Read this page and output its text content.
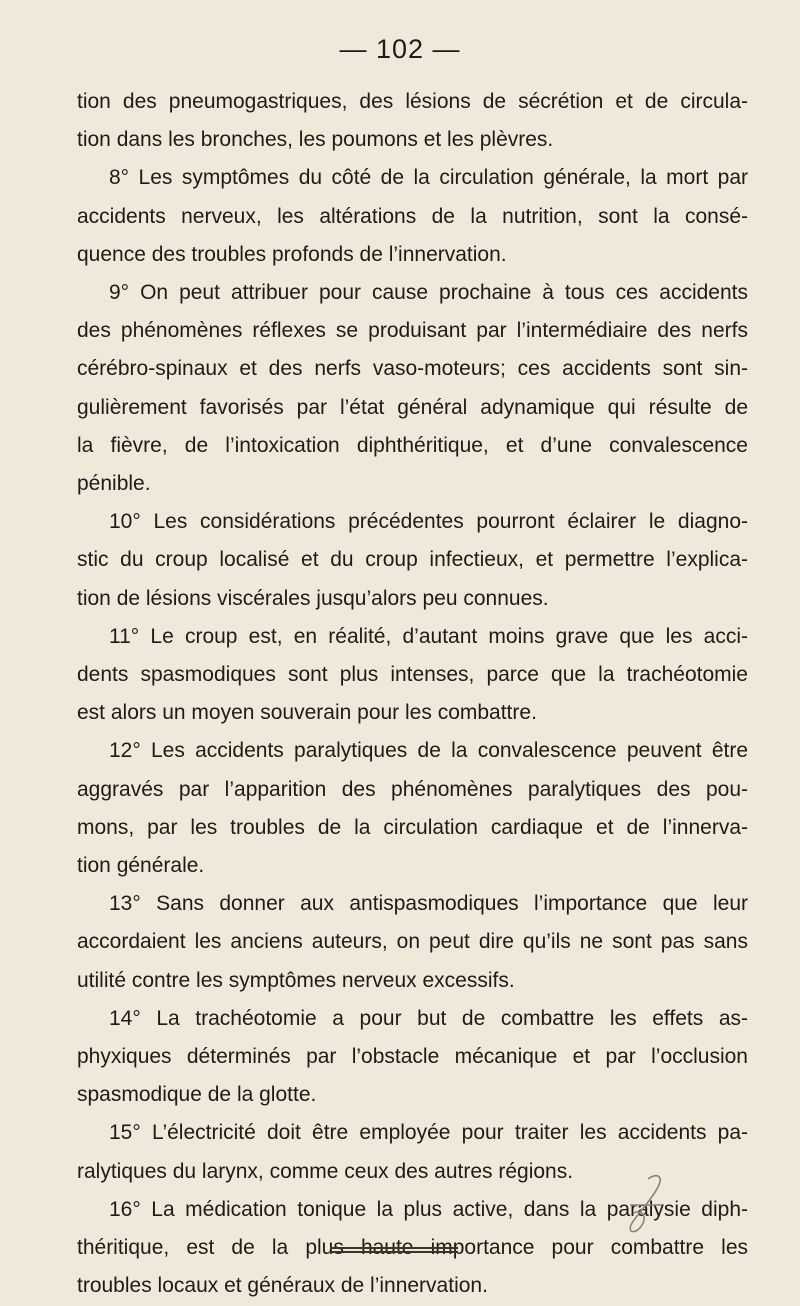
— 102 —
tion des pneumogastriques, des lésions de sécrétion et de circula-
tion dans les bronches, les poumons et les plèvres.
8° Les symptômes du côté de la circulation générale, la mort par
accidents nerveux, les altérations de la nutrition, sont la consé-
quence des troubles profonds de l’innervation.
9° On peut attribuer pour cause prochaine à tous ces accidents
des phénomènes réflexes se produisant par l’intermédiaire des nerfs
cérébro-spinaux et des nerfs vaso-moteurs; ces accidents sont sin-
gulièrement favorisés par l’état général adynamique qui résulte de
la fièvre, de l’intoxication diphthéritique, et d’une convalescence
pénible.
10° Les considérations précédentes pourront éclairer le diagno-
stic du croup localisé et du croup infectieux, et permettre l’explica-
tion de lésions viscérales jusqu’alors peu connues.
11° Le croup est, en réalité, d’autant moins grave que les acci-
dents spasmodiques sont plus intenses, parce que la trachéotomie
est alors un moyen souverain pour les combattre.
12° Les accidents paralytiques de la convalescence peuvent être
aggravés par l’apparition des phénomènes paralytiques des pou-
mons, par les troubles de la circulation cardiaque et de l’innerva-
tion générale.
13° Sans donner aux antispasmodiques l’importance que leur
accordaient les anciens auteurs, on peut dire qu’ils ne sont pas sans
utilité contre les symptômes nerveux excessifs.
14° La trachéotomie a pour but de combattre les effets as-
phyxiques déterminés par l’obstacle mécanique et par l’occlusion
spasmodique de la glotte.
15° L’électricité doit être employée pour traiter les accidents pa-
ralytiques du larynx, comme ceux des autres régions.
16° La médication tonique la plus active, dans la paralysie diph-
théritique, est de la plus haute importance pour combattre les
troubles locaux et généraux de l’innervation.
